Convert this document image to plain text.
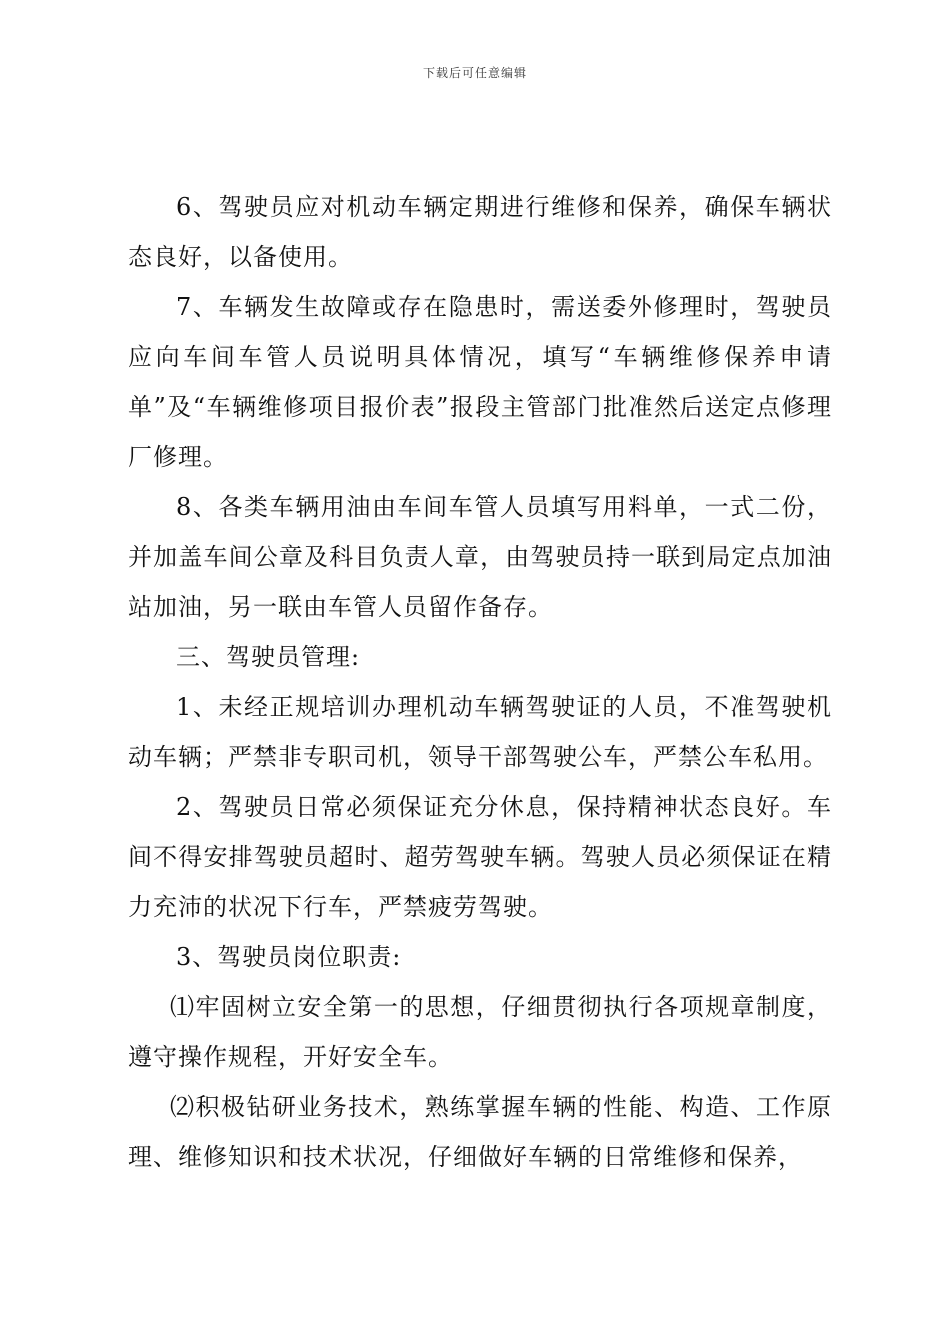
下载后可任意编辑

6、驾驶员应对机动车辆定期进行维修和保养，确保车辆状态良好，以备使用。

7、车辆发生故障或存在隐患时，需送委外修理时，驾驶员应向车间车管人员说明具体情况，填写“车辆维修保养申请单”及“车辆维修项目报价表”报段主管部门批准然后送定点修理厂修理。

8、各类车辆用油由车间车管人员填写用料单，一式二份，并加盖车间公章及科目负责人章，由驾驶员持一联到局定点加油站加油，另一联由车管人员留作备存。

三、驾驶员管理:

1、未经正规培训办理机动车辆驾驶证的人员，不准驾驶机动车辆；严禁非专职司机，领导干部驾驶公车，严禁公车私用。

2、驾驶员日常必须保证充分休息，保持精神状态良好。车间不得安排驾驶员超时、超劳驾驶车辆。驾驶人员必须保证在精力充沛的状况下行车，严禁疲劳驾驶。

3、驾驶员岗位职责:

⑴牢固树立安全第一的思想，仔细贯彻执行各项规章制度，遵守操作规程，开好安全车。

⑵积极钻研业务技术，熟练掌握车辆的性能、构造、工作原理、维修知识和技术状况，仔细做好车辆的日常维修和保养，
